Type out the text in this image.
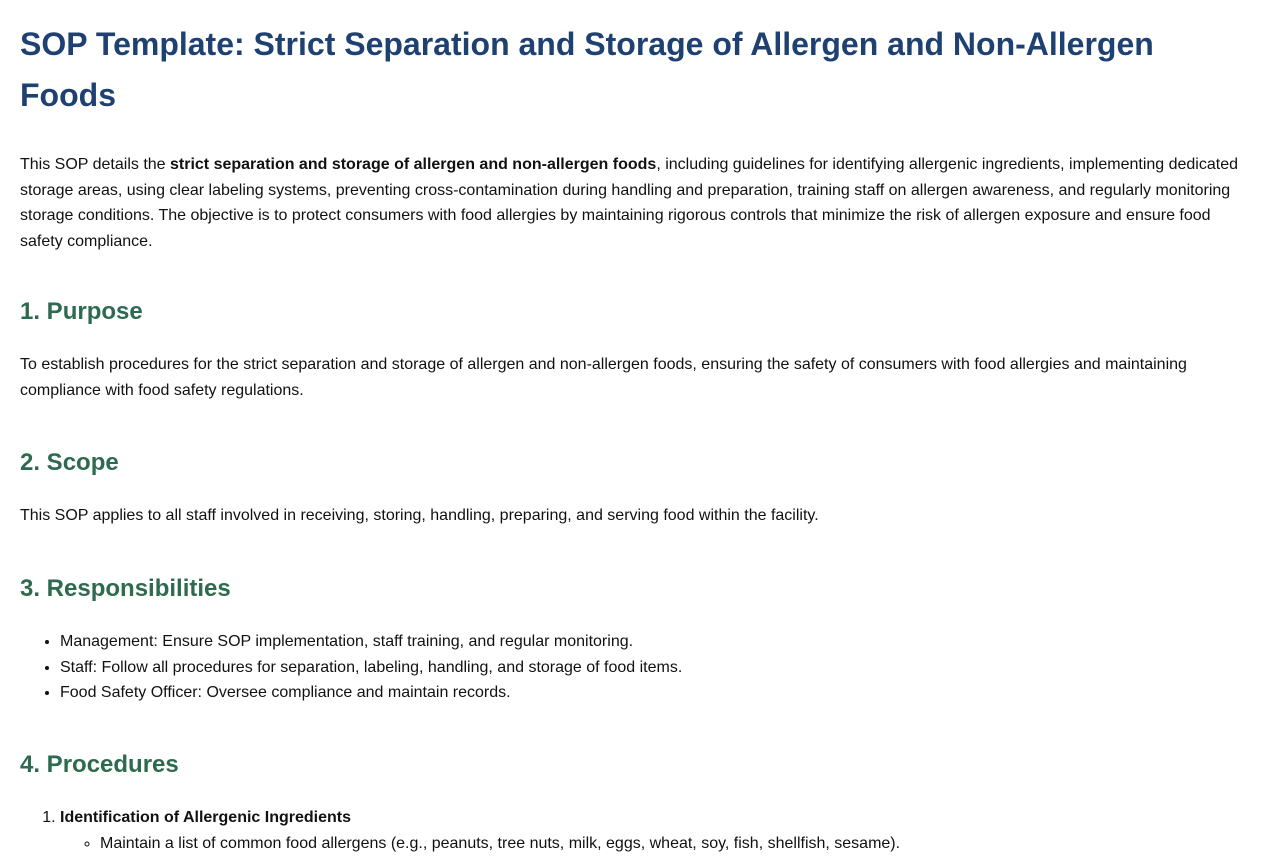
SOP Template: Strict Separation and Storage of Allergen and Non-Allergen Foods

This SOP details the strict separation and storage of allergen and non-allergen foods, including guidelines for identifying allergenic ingredients, implementing dedicated storage areas, using clear labeling systems, preventing cross-contamination during handling and preparation, training staff on allergen awareness, and regularly monitoring storage conditions. The objective is to protect consumers with food allergies by maintaining rigorous controls that minimize the risk of allergen exposure and ensure food safety compliance.

1. Purpose

To establish procedures for the strict separation and storage of allergen and non-allergen foods, ensuring the safety of consumers with food allergies and maintaining compliance with food safety regulations.

2. Scope

This SOP applies to all staff involved in receiving, storing, handling, preparing, and serving food within the facility.

3. Responsibilities
• Management: Ensure SOP implementation, staff training, and regular monitoring.
• Staff: Follow all procedures for separation, labeling, handling, and storage of food items.
• Food Safety Officer: Oversee compliance and maintain records.
4. Procedures
1. Identification of Allergenic Ingredients
◦ Maintain a list of common food allergens (e.g., peanuts, tree nuts, milk, eggs, wheat, soy, fish, shellfish, sesame).
